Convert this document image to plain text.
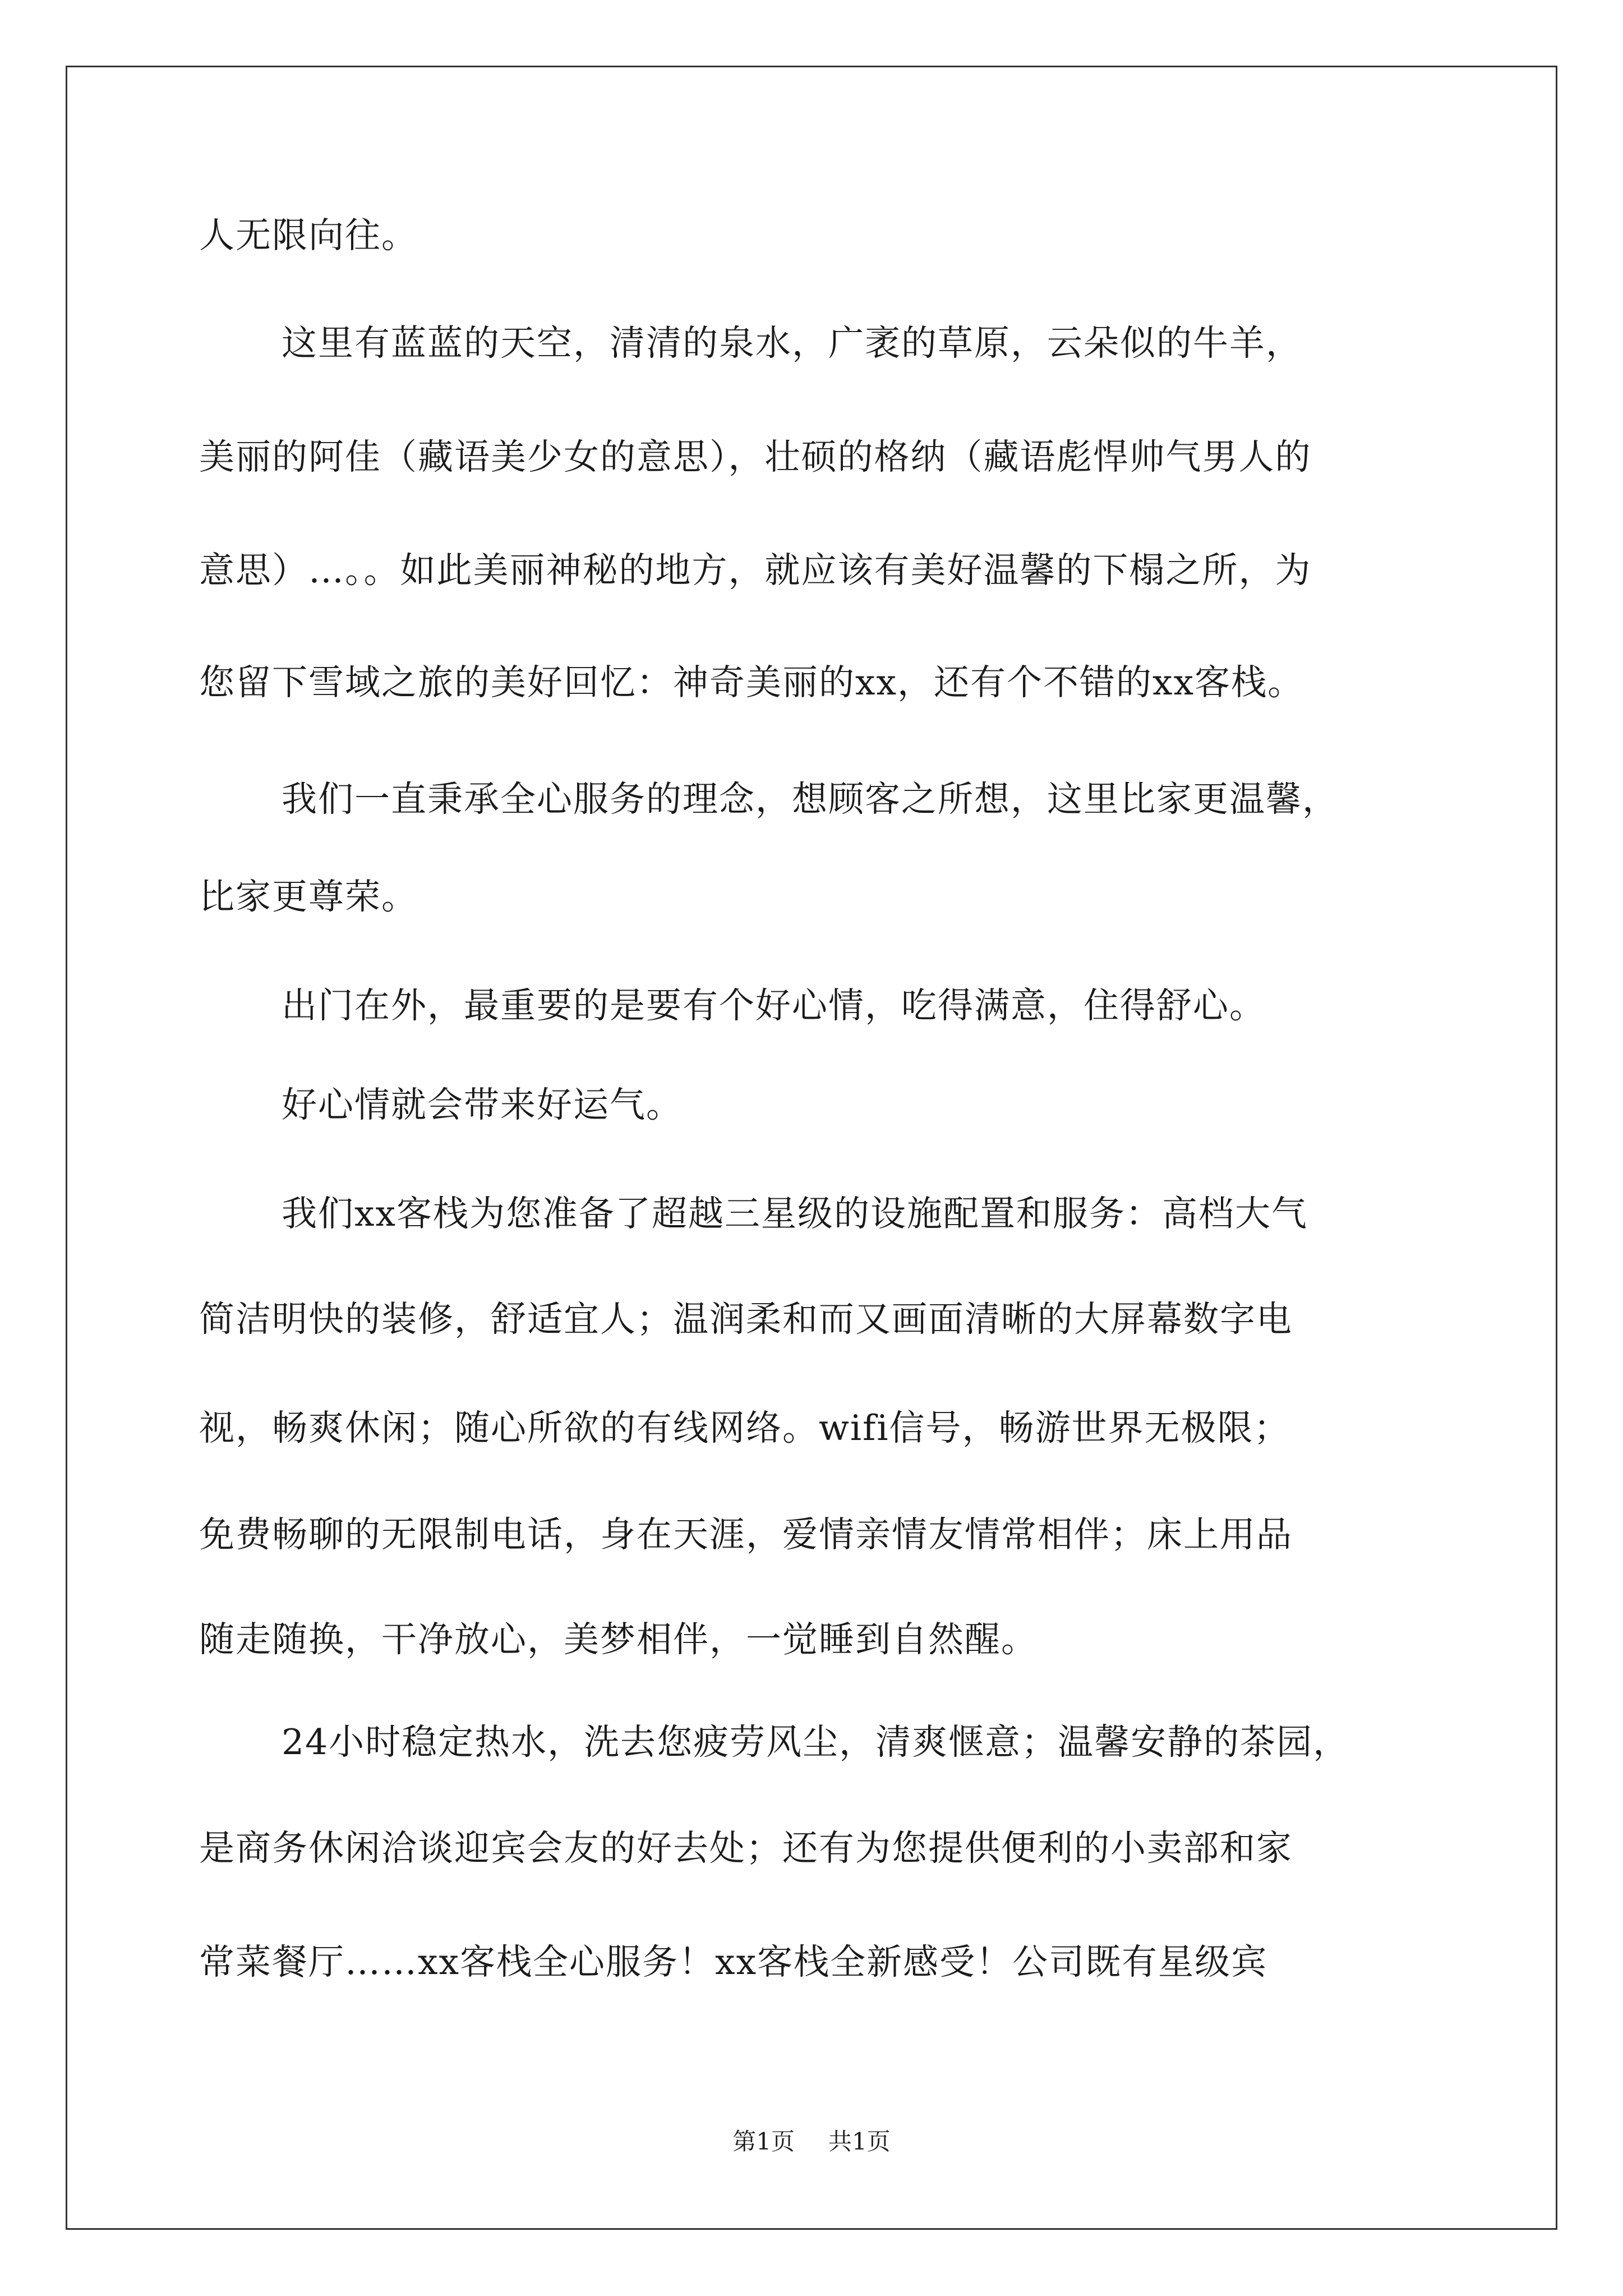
人无限向往。
这里有蓝蓝的天空，清清的泉水，广袤的草原，云朵似的牛羊，
美丽的阿佳（藏语美少女的意思），壮硕的格纳（藏语彪悍帅气男人的
意思）…。。如此美丽神秘的地方，就应该有美好温馨的下榻之所，为
您留下雪域之旅的美好回忆：神奇美丽的xx，还有个不错的xx客栈。
我们一直秉承全心服务的理念，想顾客之所想，这里比家更温馨，
比家更尊荣。
出门在外，最重要的是要有个好心情，吃得满意，住得舒心。
好心情就会带来好运气。
我们xx客栈为您准备了超越三星级的设施配置和服务：高档大气
简洁明快的装修，舒适宜人；温润柔和而又画面清晰的大屏幕数字电
视，畅爽休闲；随心所欲的有线网络。wifi信号，畅游世界无极限；
免费畅聊的无限制电话，身在天涯，爱情亲情友情常相伴；床上用品
随走随换，干净放心，美梦相伴，一觉睡到自然醒。
24小时稳定热水，洗去您疲劳风尘，清爽惬意；温馨安静的茶园，
是商务休闲洽谈迎宾会友的好去处；还有为您提供便利的小卖部和家
常菜餐厅……xx客栈全心服务！xx客栈全新感受！公司既有星级宾
第1页 共1页
